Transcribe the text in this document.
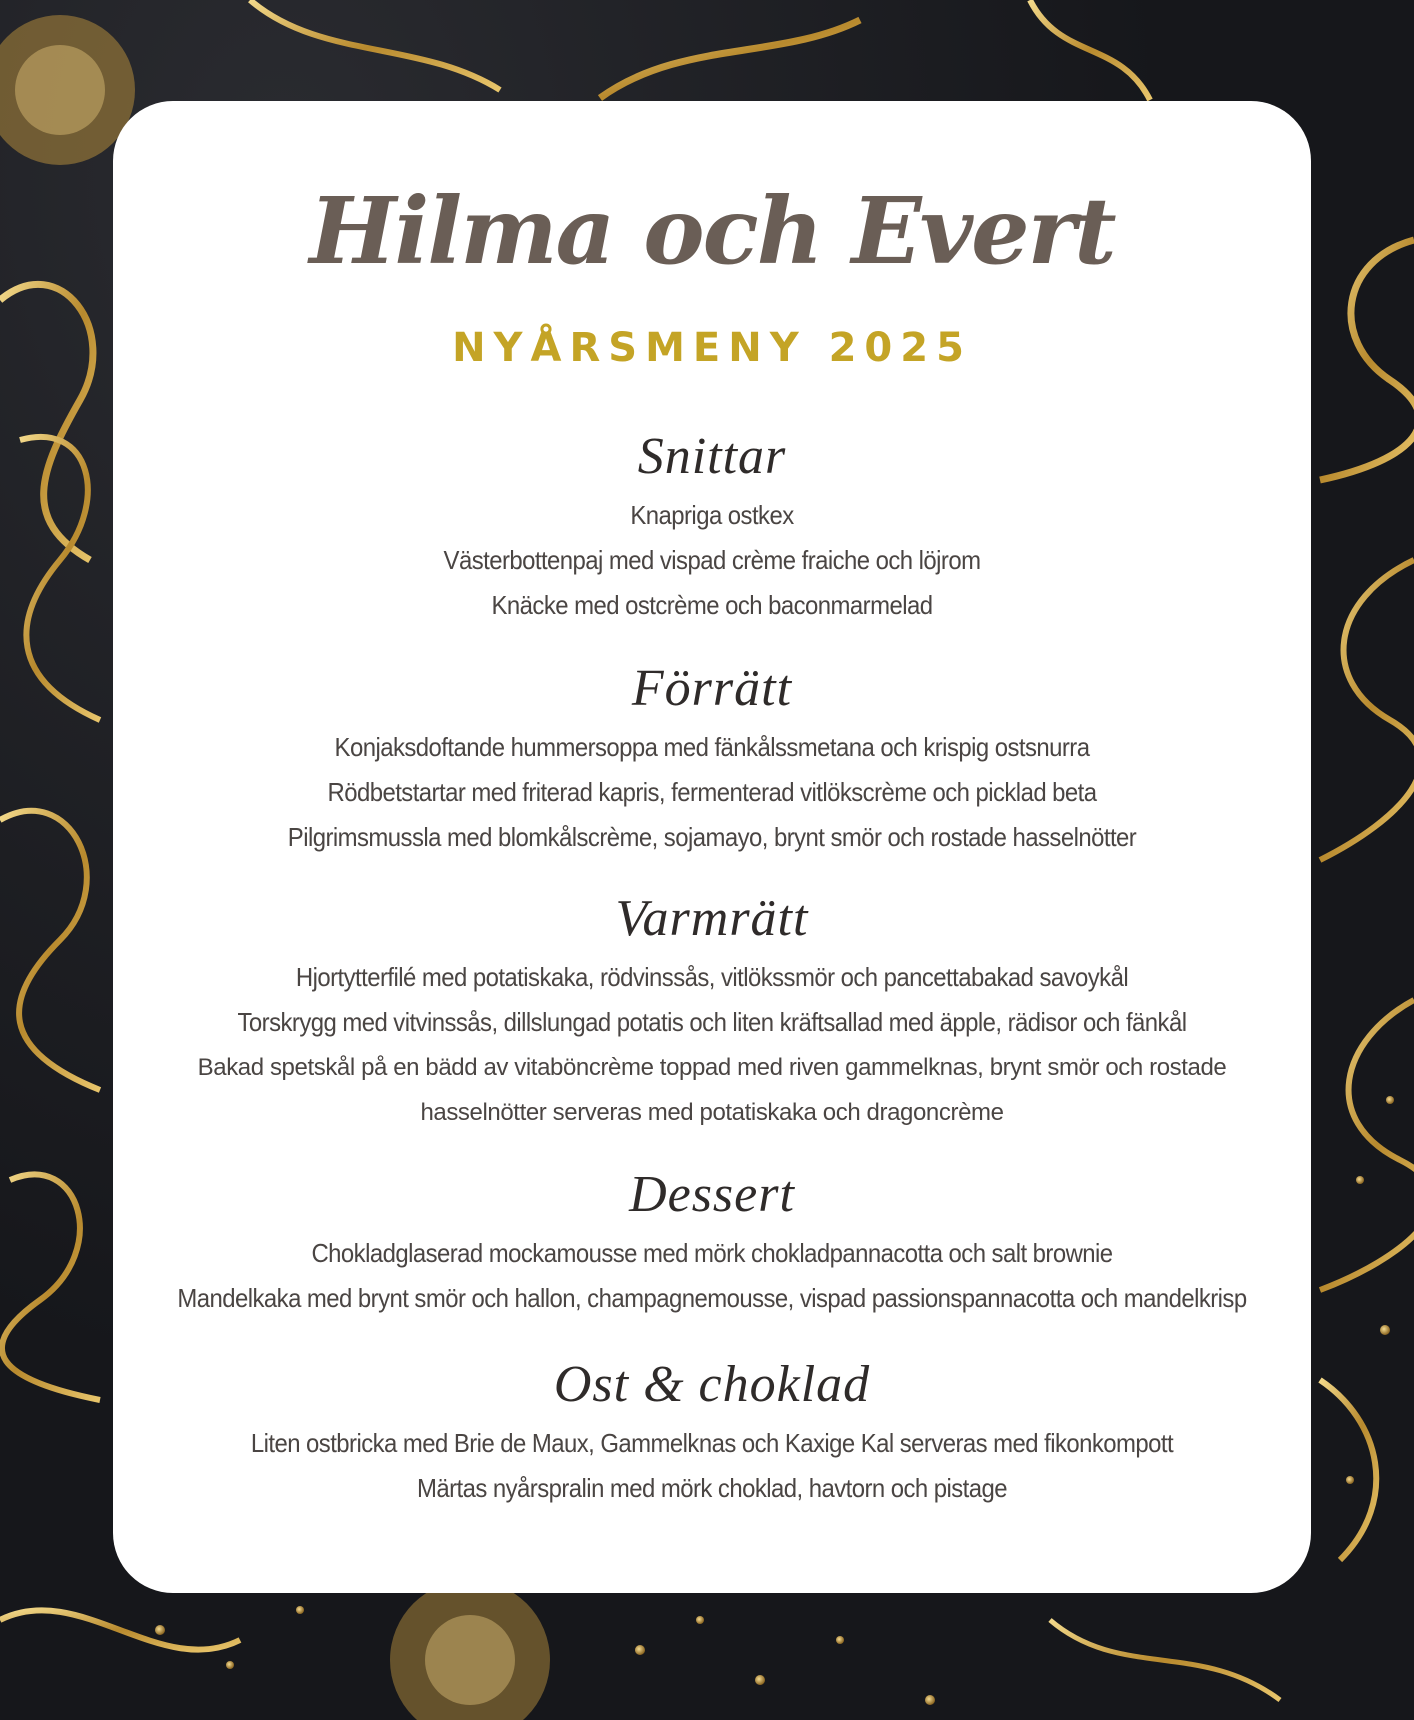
Hilma och Evert
NYÅRSMENY 2025
Snittar
Knapriga ostkex
Västerbottenpaj med vispad crème fraiche och löjrom
Knäcke med ostcrème och baconmarmelad
Förrätt
Konjaksdoftande hummersoppa med fänkålssmetana och krispig ostsnurra
Rödbetstartar med friterad kapris, fermenterad vitlökscrème och picklad beta
Pilgrimsmussla med blomkålscrème, sojamayo, brynt smör och rostade hasselnötter
Varmrätt
Hjortytterfilé med potatiskaka, rödvinssås, vitlökssmör och pancettabakad savoykål
Torskrygg med vitvinssås, dillslungad potatis och liten kräftsallad med äpple, rädisor och fänkål
Bakad spetskål på en bädd av vitaböncrème toppad med riven gammelknas, brynt smör och rostade hasselnötter serveras med potatiskaka och dragoncrème
Dessert
Chokladglaserad mockamousse med mörk chokladpannacotta och salt brownie
Mandelkaka med brynt smör och hallon, champagnemousse, vispad passionspannacotta och mandelkrisp
Ost & choklad
Liten ostbricka med Brie de Maux, Gammelknas och Kaxige Kal serveras med fikonkompott
Märtas nyårspralin med mörk choklad, havtorn och pistage
